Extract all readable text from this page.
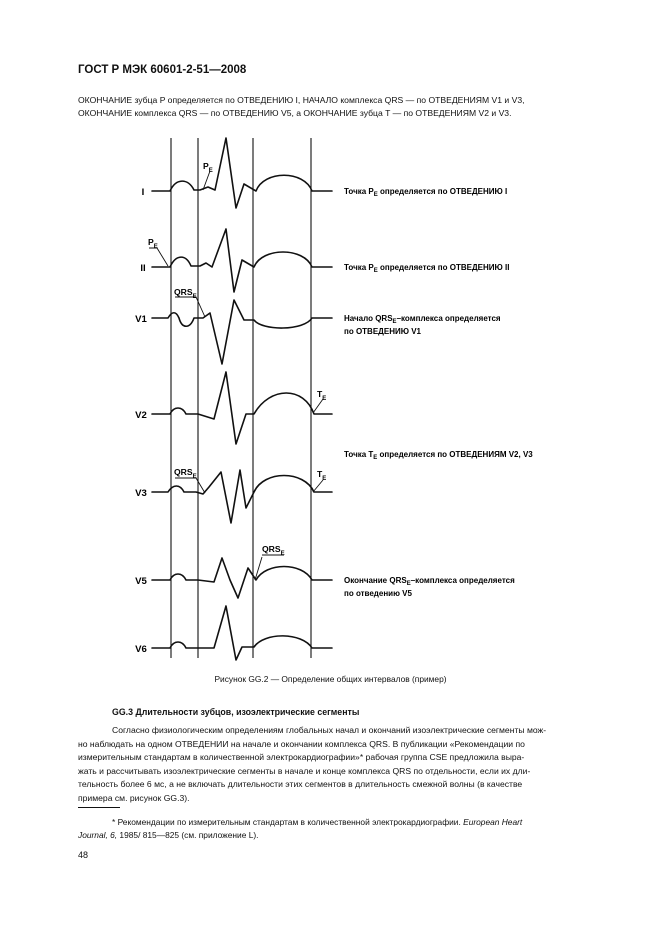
ГОСТ Р МЭК 60601-2-51—2008
ОКОНЧАНИЕ зубца P определяется по ОТВЕДЕНИЮ I, НАЧАЛО комплекса QRS — по ОТВЕДЕНИЯМ V1 и V3,
ОКОНЧАНИЕ комплекса QRS — по ОТВЕДЕНИЮ V5, а ОКОНЧАНИЕ зубца T — по ОТВЕДЕНИЯМ V2 и V3.
I
II
V1
V2
V3
V5
V6
$P_E$
$P_E$
$QRS_E$
$T_E$
$QRS_E$	$T_E$
$QRS_E$
Точка $P_E$ определяется по ОТВЕДЕНИЮ I
Точка $P_E$ определяется по ОТВЕДЕНИЮ II
Начало $QRS_E$–комплекса определяется
по ОТВЕДЕНИЮ V1
Точка $T_E$ определяется по ОТВЕДЕНИЯМ V2, V3
Окончание $QRS_E$–комплекса определяется
по отведению V5
Рисунок GG.2 — Определение общих интервалов (пример)
GG.3 Длительности зубцов, изоэлектрические сегменты
Согласно физиологическим определениям глобальных начал и окончаний изоэлектрические сегменты мож-
но наблюдать на одном ОТВЕДЕНИИ на начале и окончании комплекса QRS. В публикации «Рекомендации по
измерительным стандартам в количественной электрокардиографии»* рабочая группа CSE предложила выра-
жать и рассчитывать изоэлектрические сегменты в начале и конце комплекса QRS по отдельности, если их дли-
тельность более 6 мс, а не включать длительности этих сегментов в длительность смежной волны (в качестве
примера см. рисунок GG.3).
* Рекомендации по измерительным стандартам в количественной электрокардиографии. European Heart
Journal, 6, 1985/ 815—825 (см. приложение L).
48
